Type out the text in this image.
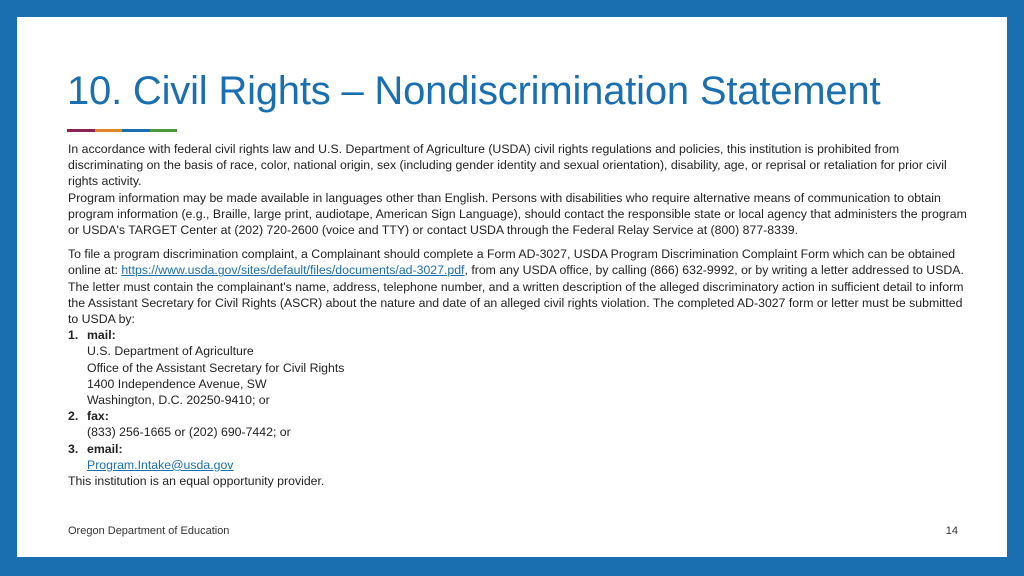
10. Civil Rights – Nondiscrimination Statement

In accordance with federal civil rights law and U.S. Department of Agriculture (USDA) civil rights regulations and policies, this institution is prohibited from discriminating on the basis of race, color, national origin, sex (including gender identity and sexual orientation), disability, age, or reprisal or retaliation for prior civil rights activity.

Program information may be made available in languages other than English. Persons with disabilities who require alternative means of communication to obtain program information (e.g., Braille, large print, audiotape, American Sign Language), should contact the responsible state or local agency that administers the program or USDA's TARGET Center at (202) 720-2600 (voice and TTY) or contact USDA through the Federal Relay Service at (800) 877-8339.

To file a program discrimination complaint, a Complainant should complete a Form AD-3027, USDA Program Discrimination Complaint Form which can be obtained online at: https://www.usda.gov/sites/default/files/documents/ad-3027.pdf, from any USDA office, by calling (866) 632-9992, or by writing a letter addressed to USDA. The letter must contain the complainant's name, address, telephone number, and a written description of the alleged discriminatory action in sufficient detail to inform the Assistant Secretary for Civil Rights (ASCR) about the nature and date of an alleged civil rights violation. The completed AD-3027 form or letter must be submitted to USDA by:

1. mail:
U.S. Department of Agriculture
Office of the Assistant Secretary for Civil Rights
1400 Independence Avenue, SW
Washington, D.C. 20250-9410; or
2. fax:
(833) 256-1665 or (202) 690-7442; or
3. email:
Program.Intake@usda.gov

This institution is an equal opportunity provider.

Oregon Department of Education	14
